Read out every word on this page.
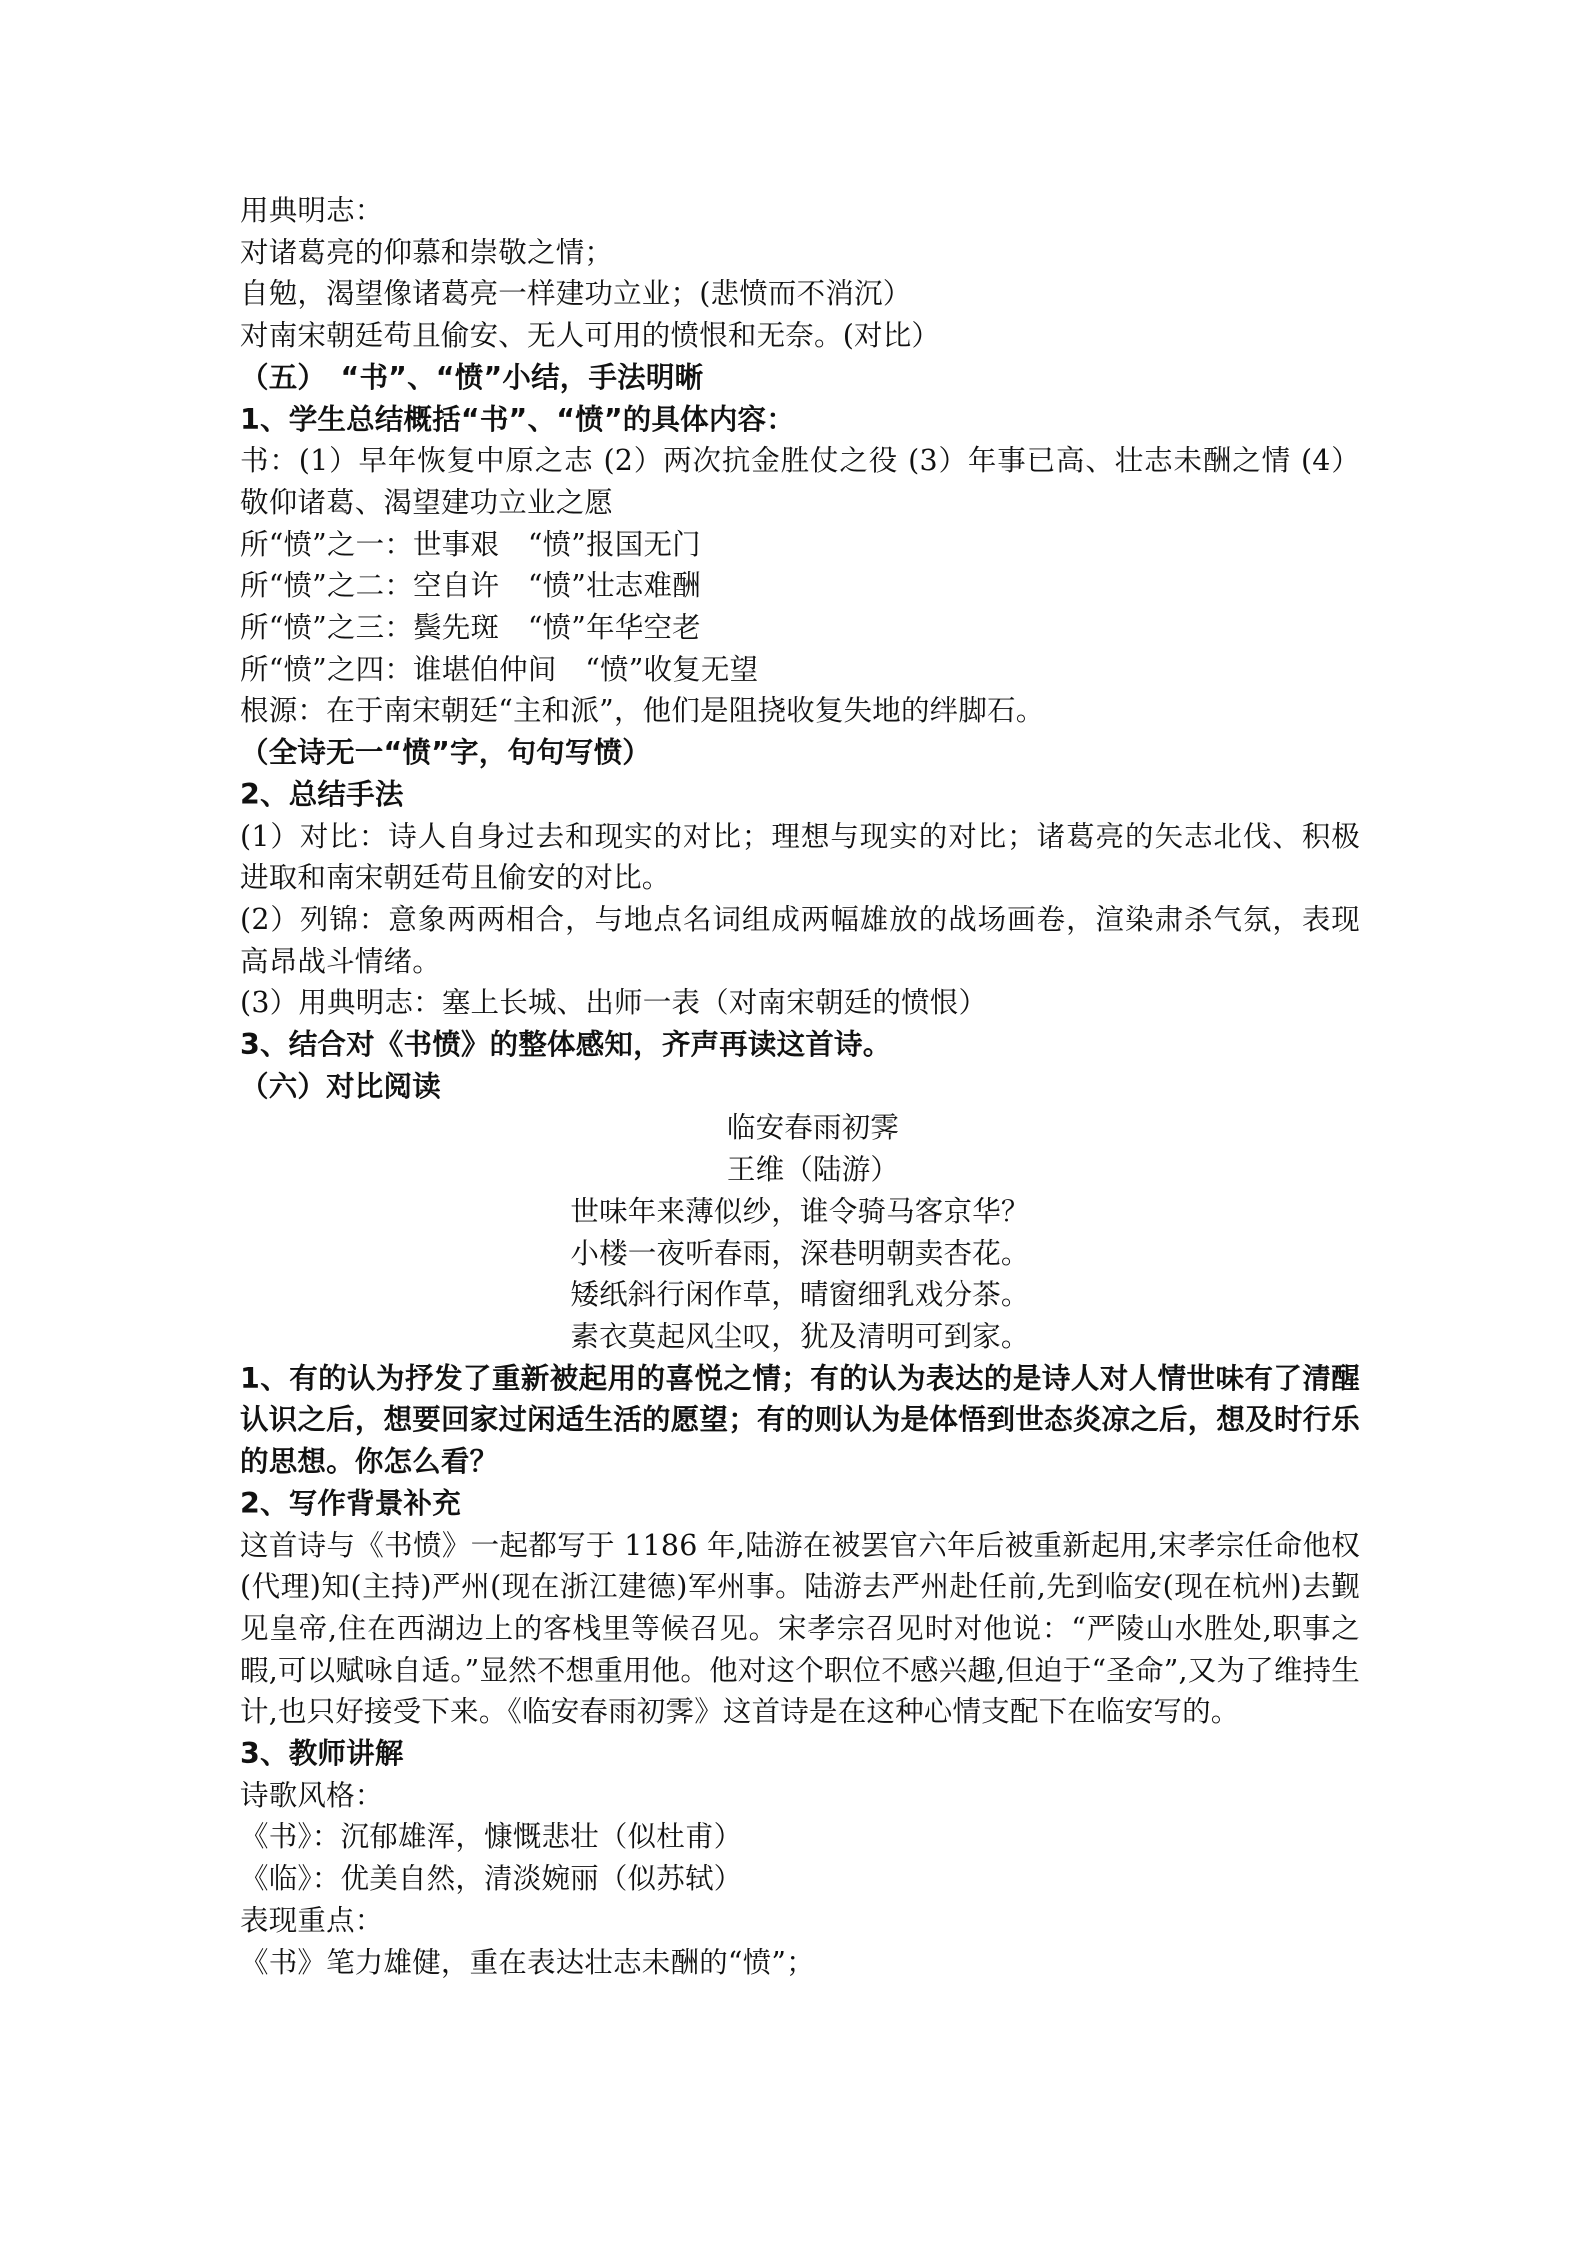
用典明志：

对诸葛亮的仰慕和崇敬之情；

自勉，渴望像诸葛亮一样建功立业；(悲愤而不消沉）

对南宋朝廷苟且偷安、无人可用的愤恨和无奈。(对比）

（五）　“书”、“愤”小结，手法明晰

1、学生总结概括“书”、“愤”的具体内容：

书：(1）早年恢复中原之志 (2）两次抗金胜仗之役 (3）年事已高、壮志未酬之情 (4）敬仰诸葛、渴望建功立业之愿

所“愤”之一：世事艰　“愤”报国无门

所“愤”之二：空自许　“愤”壮志难酬

所“愤”之三：鬓先斑　“愤”年华空老

所“愤”之四：谁堪伯仲间　“愤”收复无望

根源：在于南宋朝廷“主和派”，他们是阻挠收复失地的绊脚石。

（全诗无一“愤”字，句句写愤）

2、总结手法

(1）对比：诗人自身过去和现实的对比；理想与现实的对比；诸葛亮的矢志北伐、积极进取和南宋朝廷苟且偷安的对比。

(2）列锦：意象两两相合，与地点名词组成两幅雄放的战场画卷，渲染肃杀气氛，表现高昂战斗情绪。

(3）用典明志：塞上长城、出师一表（对南宋朝廷的愤恨）

3、结合对《书愤》的整体感知，齐声再读这首诗。

（六）对比阅读

临安春雨初霁

王维（陆游）

世味年来薄似纱，谁令骑马客京华？

小楼一夜听春雨，深巷明朝卖杏花。

矮纸斜行闲作草，晴窗细乳戏分茶。

素衣莫起风尘叹，犹及清明可到家。

1、有的认为抒发了重新被起用的喜悦之情；有的认为表达的是诗人对人情世味有了清醒认识之后，想要回家过闲适生活的愿望；有的则认为是体悟到世态炎凉之后，想及时行乐的思想。你怎么看？

2、写作背景补充

这首诗与《书愤》一起都写于 1186 年,陆游在被罢官六年后被重新起用,宋孝宗任命他权(代理)知(主持)严州(现在浙江建德)军州事。陆游去严州赴任前,先到临安(现在杭州)去觐见皇帝,住在西湖边上的客栈里等候召见。宋孝宗召见时对他说：“严陵山水胜处,职事之暇,可以赋咏自适。”显然不想重用他。他对这个职位不感兴趣,但迫于“圣命”,又为了维持生计,也只好接受下来。《临安春雨初霁》这首诗是在这种心情支配下在临安写的。

3、教师讲解

诗歌风格：

《书》：沉郁雄浑，慷慨悲壮（似杜甫）

《临》：优美自然，清淡婉丽（似苏轼）

表现重点：

《书》笔力雄健，重在表达壮志未酬的“愤”；
